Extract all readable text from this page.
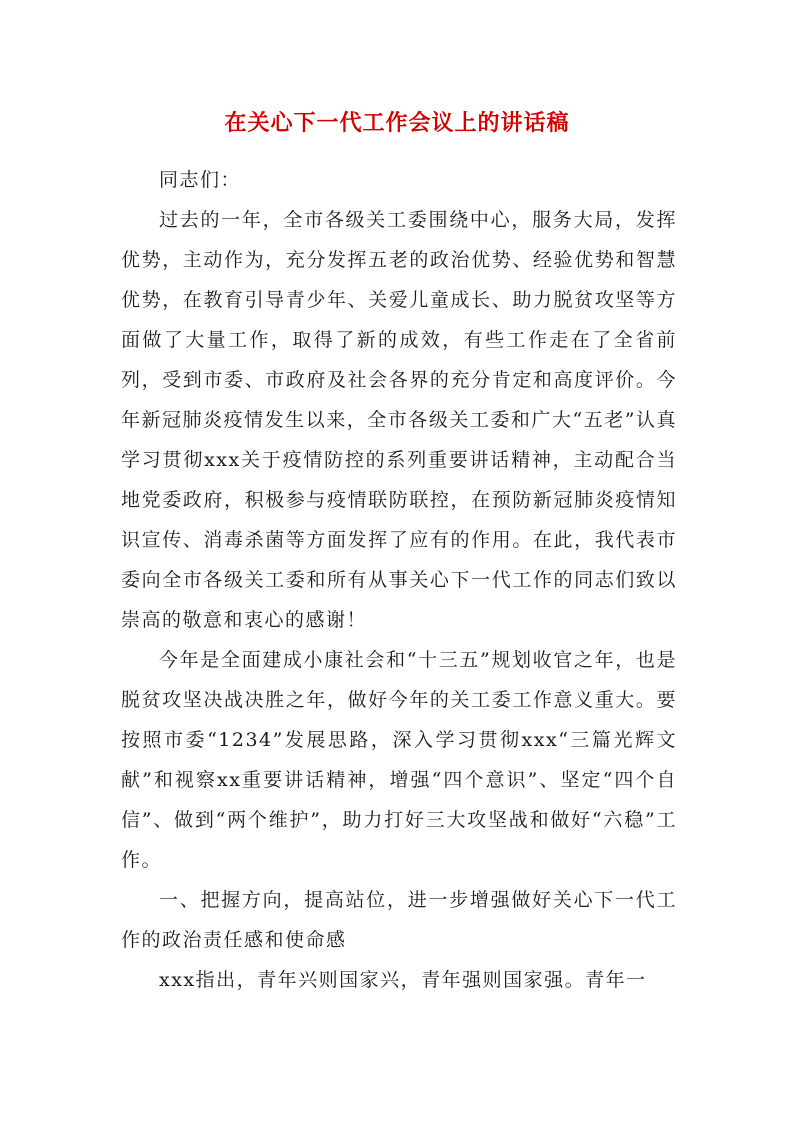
在关心下一代工作会议上的讲话稿

同志们：

过去的一年，全市各级关工委围绕中心，服务大局，发挥优势，主动作为，充分发挥五老的政治优势、经验优势和智慧优势，在教育引导青少年、关爱儿童成长、助力脱贫攻坚等方面做了大量工作，取得了新的成效，有些工作走在了全省前列，受到市委、市政府及社会各界的充分肯定和高度评价。今年新冠肺炎疫情发生以来，全市各级关工委和广大“五老”认真学习贯彻xxx关于疫情防控的系列重要讲话精神，主动配合当地党委政府，积极参与疫情联防联控，在预防新冠肺炎疫情知识宣传、消毒杀菌等方面发挥了应有的作用。在此，我代表市委向全市各级关工委和所有从事关心下一代工作的同志们致以崇高的敬意和衷心的感谢！

今年是全面建成小康社会和“十三五”规划收官之年，也是脱贫攻坚决战决胜之年，做好今年的关工委工作意义重大。要按照市委“1234”发展思路，深入学习贯彻xxx“三篇光辉文献”和视察xx重要讲话精神，增强“四个意识”、坚定“四个自信”、做到“两个维护”，助力打好三大攻坚战和做好“六稳”工作。

一、把握方向，提高站位，进一步增强做好关心下一代工作的政治责任感和使命感

xxx指出，青年兴则国家兴，青年强则国家强。青年一
